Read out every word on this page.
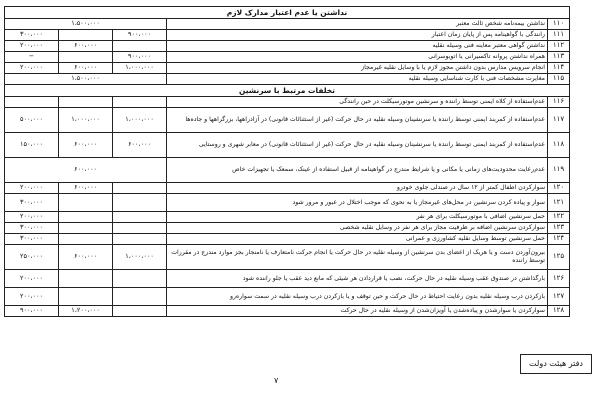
نداشتن یا عدم اعتبار مدارک لازم				
۱۱۰	نداشتن بیمه‌نامه شخص ثالث معتبر	۱،۵۰۰،۰۰۰		
۱۱۱	رانندگی با گواهینامه پس از پایان زمان اعتبار	۹۰۰،۰۰۰		۳۰۰،۰۰۰
۱۱۲	نداشتن گواهی معتبر معاینه فنی وسیله نقلیه		۶۰۰،۰۰۰	۲۰۰،۰۰۰
۱۱۳	همراه نداشتن پروانه تاکسیرانی یا اتوبوسرانی	۹۰۰،۰۰۰		−
۱۱۴	انجام سرویس مدارس بدون داشتن مجوز لازم یا با وسایل نقلیه غیرمجاز	۱،۰۰۰،۰۰۰	۶۰۰،۰۰۰	۲۰۰،۰۰۰
۱۱۵	مغایرت مشخصات فنی با کارت شناسایی وسیله نقلیه	۱،۵۰۰،۰۰۰		
تخلفات مرتبط با سرنشین				
۱۱۶	عدم‌استفاده از کلاه ایمنی توسط راننده و سرنشین موتورسیکلت در حین رانندگی			
۱۱۷	عدم‌استفاده از کمربند ایمنی توسط راننده یا سرنشینان وسیله نقلیه در حال حرکت (غیر از استثنائات قانونی) در آزادراهها، بزرگراهها و جاده‌ها	۱،۰۰۰،۰۰۰	۱،۰۰۰،۰۰۰	۵۰۰،۰۰۰
۱۱۸	عدم‌استفاده از کمربند ایمنی توسط راننده یا سرنشینان وسیله نقلیه در حال حرکت (غیر از استثنائات قانونی) در معابر شهری و روستایی	۶۰۰،۰۰۰	۶۰۰،۰۰۰	۱۵۰،۰۰۰
۱۱۹	عدم‌رعایت محدودیت‌های زمانی یا مکانی و یا شرایط مندرج در گواهینامه از قبیل استفاده از عینک، سمعک یا تجهیزات خاص	۶۰۰،۰۰۰		
۱۲۰	سوارکردن اطفال کمتر از ۱۲ سال در صندلی جلوی خودرو		۶۰۰،۰۰۰	۲۰۰،۰۰۰
۱۲۱	سوار و پیاده کردن سرنشین در محل‌های غیرمجاز یا به نحوی که موجب اختلال در عبور و مرور شود			۳۰۰،۰۰۰
۱۲۲	حمل سرنشین اضافی با موتورسیکلت برای هر نفر			۲۰۰،۰۰۰
۱۲۳	سوارکردن سرنشین اضافه بر ظرفیت مجاز برای هر نفر در وسایل نقلیه شخصی			۳۰۰،۰۰۰
۱۲۴	حمل سرنشین توسط وسایل نقلیه کشاورزی و عمرانی			۳۰۰،۰۰۰
۱۲۵	بیرون‌آوردن دست و یا هریک از اعضای بدن سرنشین از وسیله نقلیه در حال حرکت یا انجام حرکت نامتعارف یا نامنجار بجز موارد مندرج در مقررات توسط راننده	۱،۰۰۰،۰۰۰	۶۰۰،۰۰۰	۲۵۰،۰۰۰
۱۲۶	بارگذاشتن در صندوق عقب وسیله نقلیه در حال حرکت، نصب یا قراردادن هر شیئی که مانع دید عقب یا جلو راننده شود			۲۰۰،۰۰۰
۱۲۷	بازکردن درب وسیله نقلیه بدون رعایت احتیاط در حال حرکت و حین توقف و یا بازکردن درب وسیله نقلیه در سمت سواره‌رو			۲۰۰،۰۰۰
۱۲۸	سوارکردن یا سوارشدن و پیاده‌شدن یا آویزان‌شدن از وسیله نقلیه در حال حرکت		۱،۲۰۰،۰۰۰	۹۰۰،۰۰۰
۷
دفتر هیئت دولت
